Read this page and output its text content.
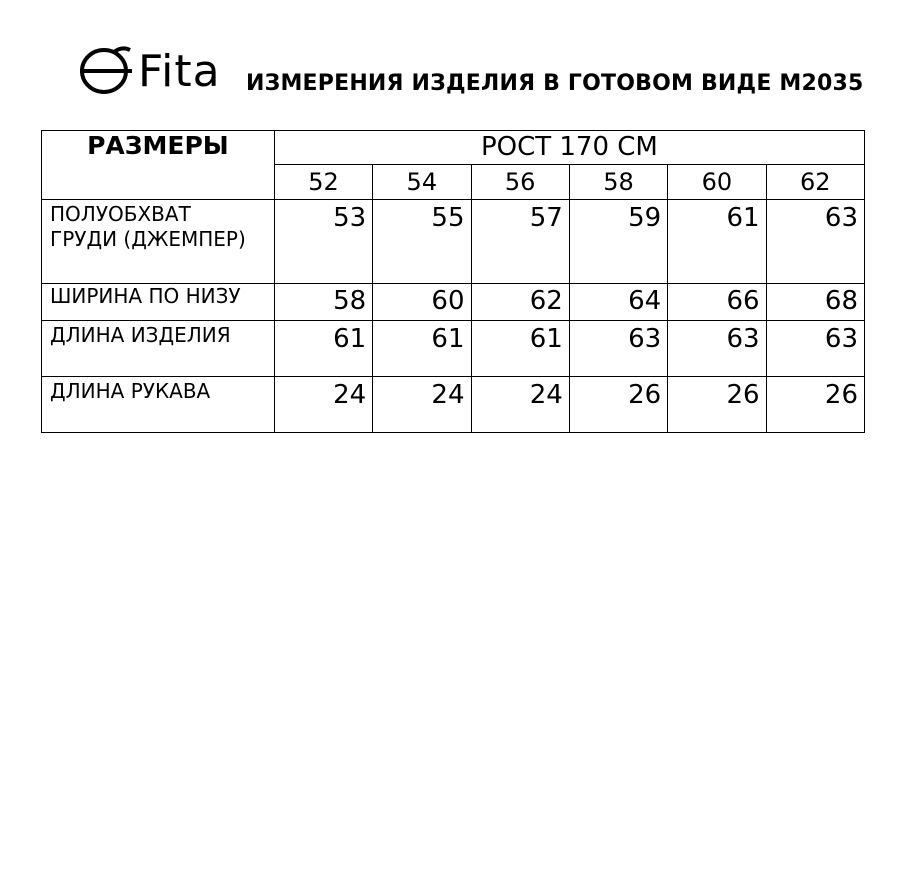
Fita ИЗМЕРЕНИЯ ИЗДЕЛИЯ В ГОТОВОМ ВИДЕ М2035
РАЗМЕРЫ	РОСТ 170 СМ					
	52	54	56	58	60	62
ПОЛУОБХВАТ
ГРУДИ (ДЖЕМПЕР)	53	55	57	59	61	63
ШИРИНА ПО НИЗУ	58	60	62	64	66	68
ДЛИНА ИЗДЕЛИЯ	61	61	61	63	63	63
ДЛИНА РУКАВА	24	24	24	26	26	26
